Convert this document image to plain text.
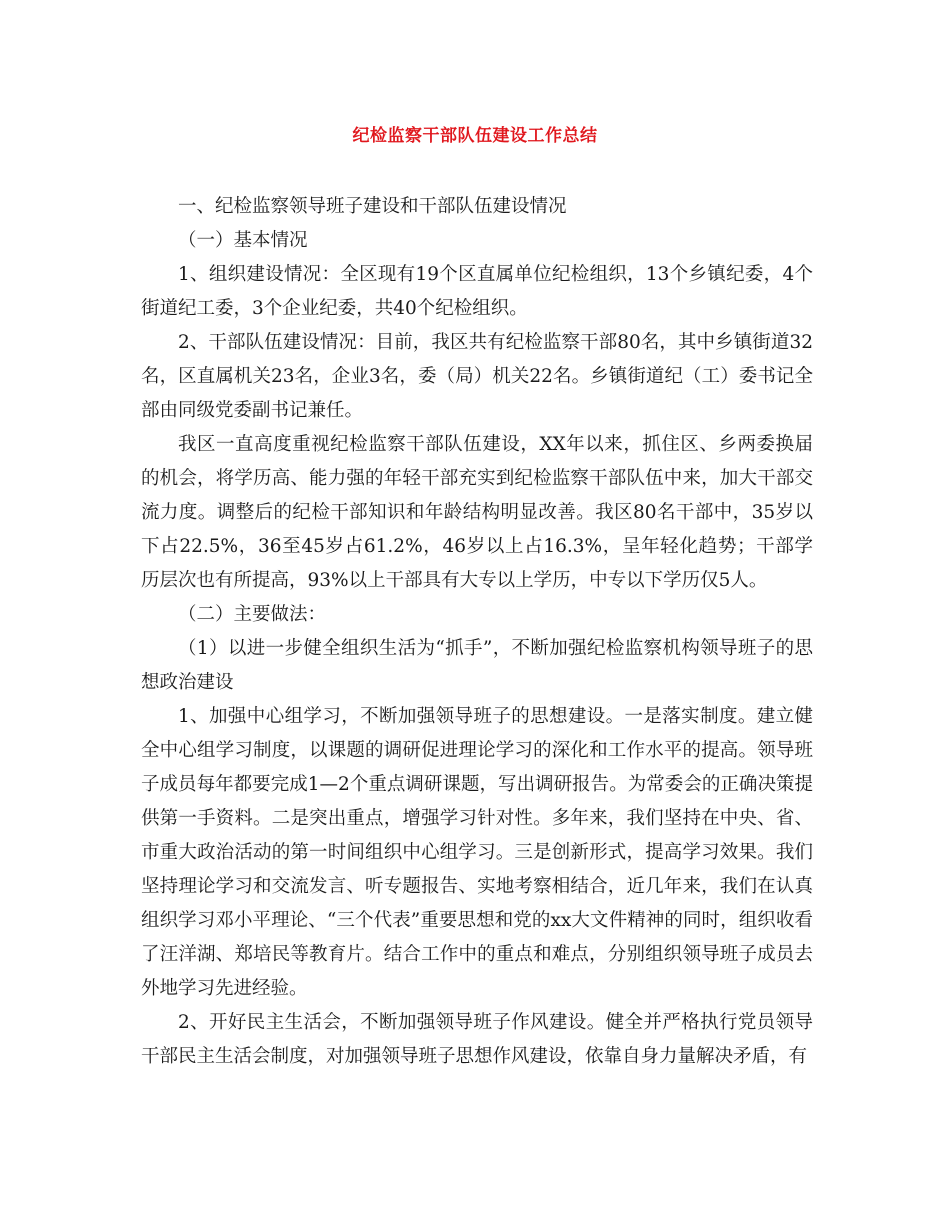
纪检监察干部队伍建设工作总结

一、纪检监察领导班子建设和干部队伍建设情况

（一）基本情况

1、组织建设情况：全区现有19个区直属单位纪检组织，13个乡镇纪委，4个街道纪工委，3个企业纪委，共40个纪检组织。

2、干部队伍建设情况：目前，我区共有纪检监察干部80名，其中乡镇街道32名，区直属机关23名，企业3名，委（局）机关22名。乡镇街道纪（工）委书记全部由同级党委副书记兼任。

我区一直高度重视纪检监察干部队伍建设，XX年以来，抓住区、乡两委换届的机会，将学历高、能力强的年轻干部充实到纪检监察干部队伍中来，加大干部交流力度。调整后的纪检干部知识和年龄结构明显改善。我区80名干部中，35岁以下占22.5%，36至45岁占61.2%，46岁以上占16.3%，呈年轻化趋势；干部学历层次也有所提高，93%以上干部具有大专以上学历，中专以下学历仅5人。

（二）主要做法：

（1）以进一步健全组织生活为“抓手”，不断加强纪检监察机构领导班子的思想政治建设

1、加强中心组学习，不断加强领导班子的思想建设。一是落实制度。建立健全中心组学习制度，以课题的调研促进理论学习的深化和工作水平的提高。领导班子成员每年都要完成1—2个重点调研课题，写出调研报告。为常委会的正确决策提供第一手资料。二是突出重点，增强学习针对性。多年来，我们坚持在中央、省、市重大政治活动的第一时间组织中心组学习。三是创新形式，提高学习效果。我们坚持理论学习和交流发言、听专题报告、实地考察相结合，近几年来，我们在认真组织学习邓小平理论、“三个代表”重要思想和党的xx大文件精神的同时，组织收看了汪洋湖、郑培民等教育片。结合工作中的重点和难点，分别组织领导班子成员去外地学习先进经验。

2、开好民主生活会，不断加强领导班子作风建设。健全并严格执行党员领导干部民主生活会制度，对加强领导班子思想作风建设，依靠自身力量解决矛盾，有
